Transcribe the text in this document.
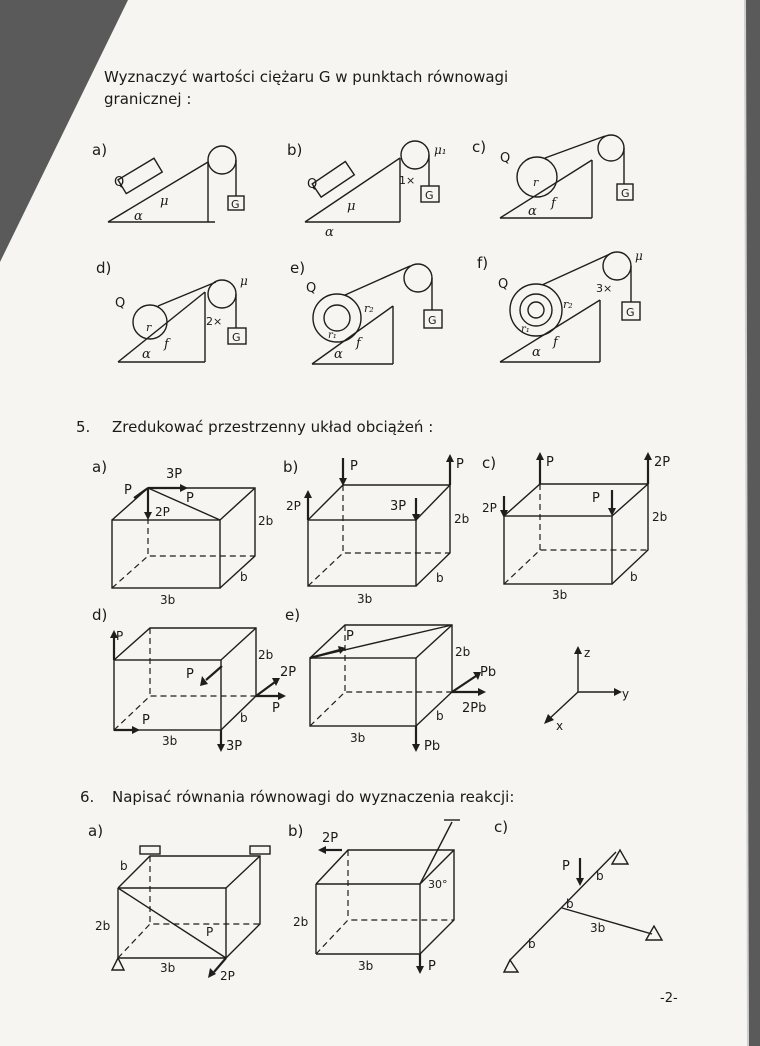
Wyznaczyć wartości ciężaru G w punktach równowagi
granicznej :
a)
G
Q
α
μ
b)
G
Q
α
μ
μ₁
1×
c)
G
Q
r
α
f
d)
G
Q
r
α
f
μ
2×
e)
G
Q
r₁
r₂
α
f
f)
G
Q
r₁
r₂
α
f
μ
3×
5. Zredukować przestrzenny układ obciążeń :
a)	3P
P
2P
P
2b
3b
b
b)	P	P
2P	3P
2b
3b
b
c)	P	2P
2P
P
2b
3b
b
d)
P
P	2P
P
P
3P
2b
3b
b
e)
P
Pb
2Pb
Pb
2b
3b
b
z
y
x
6. Napisać równania równowagi do wyznaczenia reakcji:
a)
b
2b
3b
P
2P
b) 2P
30°
2b
3b	P
c)
P
b
b
b
3b
-2-
